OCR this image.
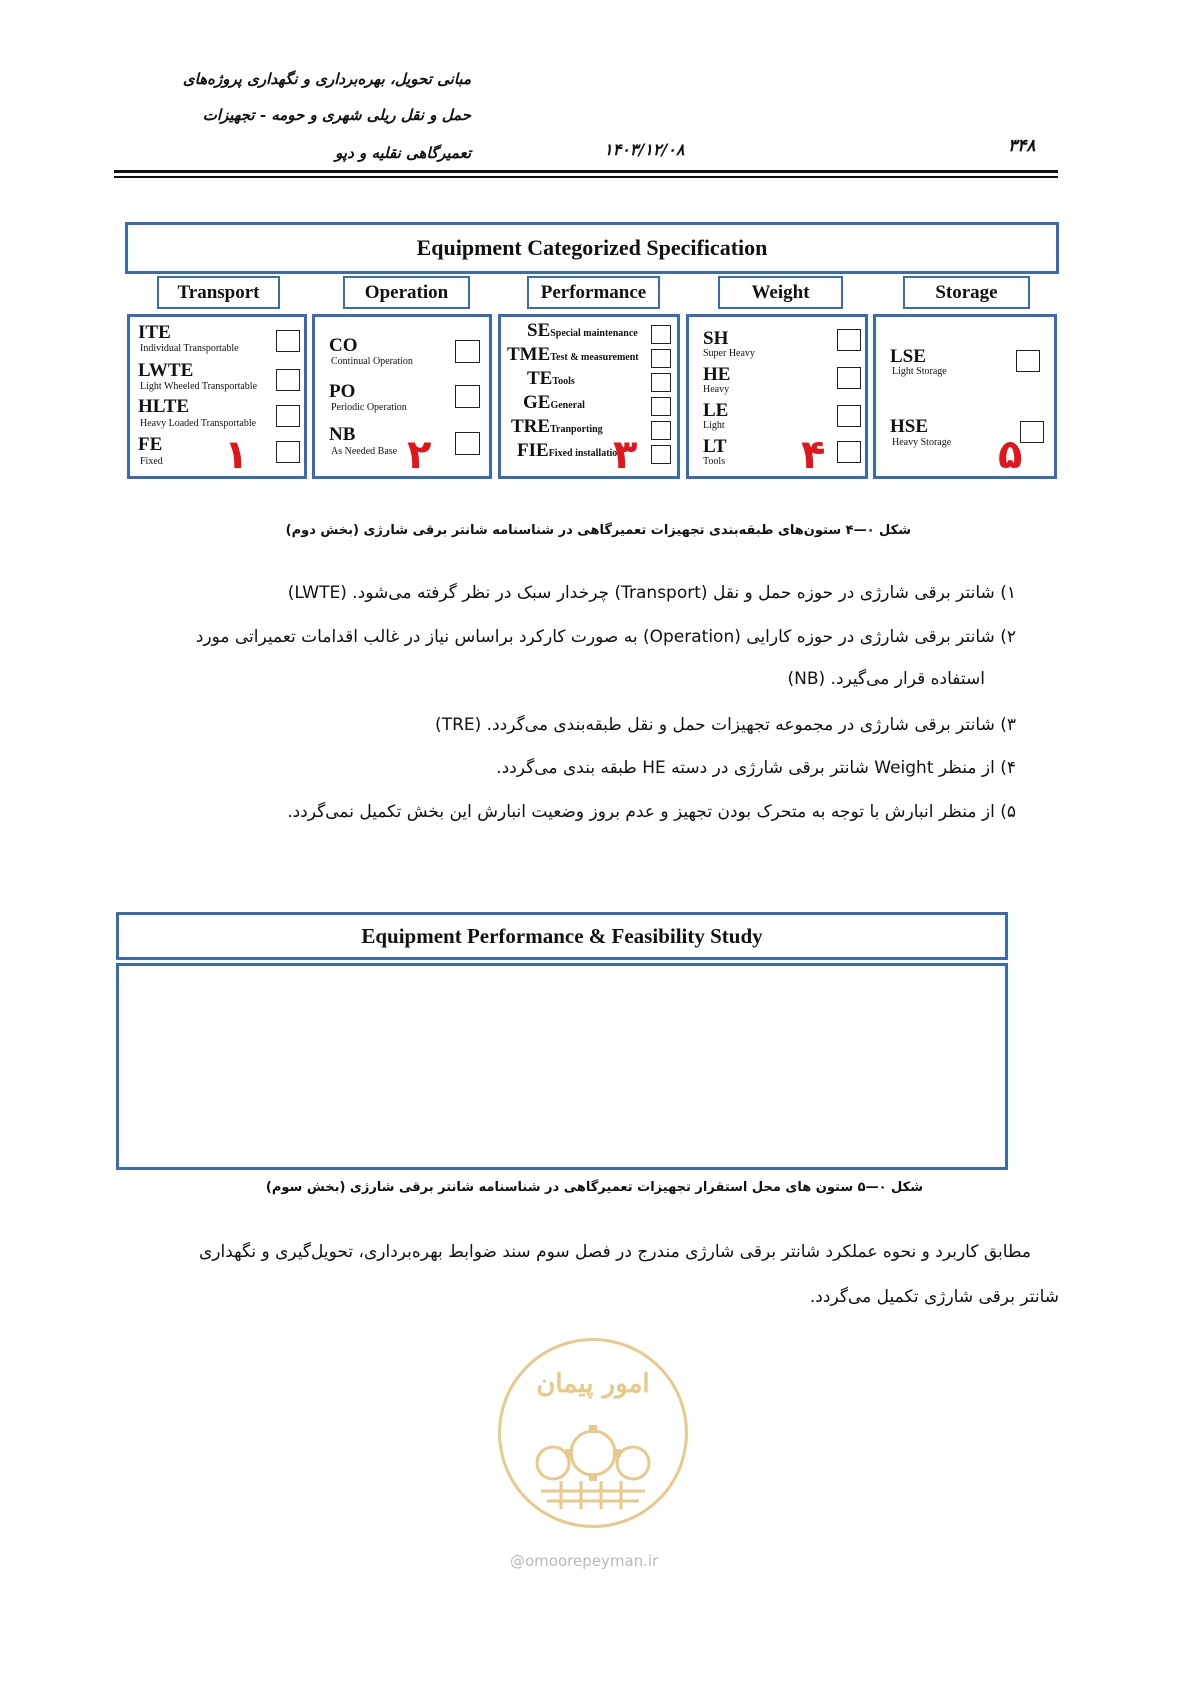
مبانی تحویل، بهره‌برداری و نگهداری پروژه‌های
حمل و نقل ریلی شهری و حومه - تجهیزات
تعمیرگاهی نقلیه و دپو	۱۴۰۳/۱۲/۰۸	۳۴۸
Equipment Categorized Specification
Transport	Operation	Performance	Weight	Storage
ITE
Individual Transportable
LWTE
Light Wheeled Transportable
HLTE
Heavy Loaded Transportable
FE
Fixed ۱
CO
Continual Operation
PO
Periodic Operation
NB
As Needed Base ۲
SESpecial maintenance
TMETest & measurement
TETools
GEGeneral
TRETranporting
FIEFixed installation
۳
SH
Super Heavy
HE
Heavy
LE
Light
LT
Tools ۴
LSE
Light Storage
HSE
Heavy Storage ۵
شکل ۰—۴ ستون‌های طبقه‌بندی تجهیزات تعمیرگاهی در شناسنامه شانتر برقی شارژی (بخش دوم)
۱) شانتر برقی شارژی در حوزه حمل و نقل (Transport) چرخدار سبک در نظر گرفته می‌شود. (LWTE)
۲) شانتر برقی شارژی در حوزه کارایی (Operation) به صورت کارکرد براساس نیاز در غالب اقدامات تعمیراتی مورد
استفاده قرار می‌گیرد. (NB)
۳) شانتر برقی شارژی در مجموعه تجهیزات حمل و نقل طبقه‌بندی می‌گردد. (TRE)
۴) از منظر Weight شانتر برقی شارژی در دسته HE طبقه بندی می‌گردد.
۵) از منظر انبارش با توجه به متحرک بودن تجهیز و عدم بروز وضعیت انبارش این بخش تکمیل نمی‌گردد.
Equipment Performance & Feasibility Study
شکل ۰—۵ ستون های محل استقرار تجهیزات تعمیرگاهی در شناسنامه شانتر برقی شارژی (بخش سوم)
مطابق کاربرد و نحوه عملکرد شانتر برقی شارژی مندرج در فصل سوم سند ضوابط بهره‌برداری، تحویل‌گیری و نگهداری
شانتر برقی شارژی تکمیل می‌گردد.
امور پیمان
@omoorepeyman.ir
